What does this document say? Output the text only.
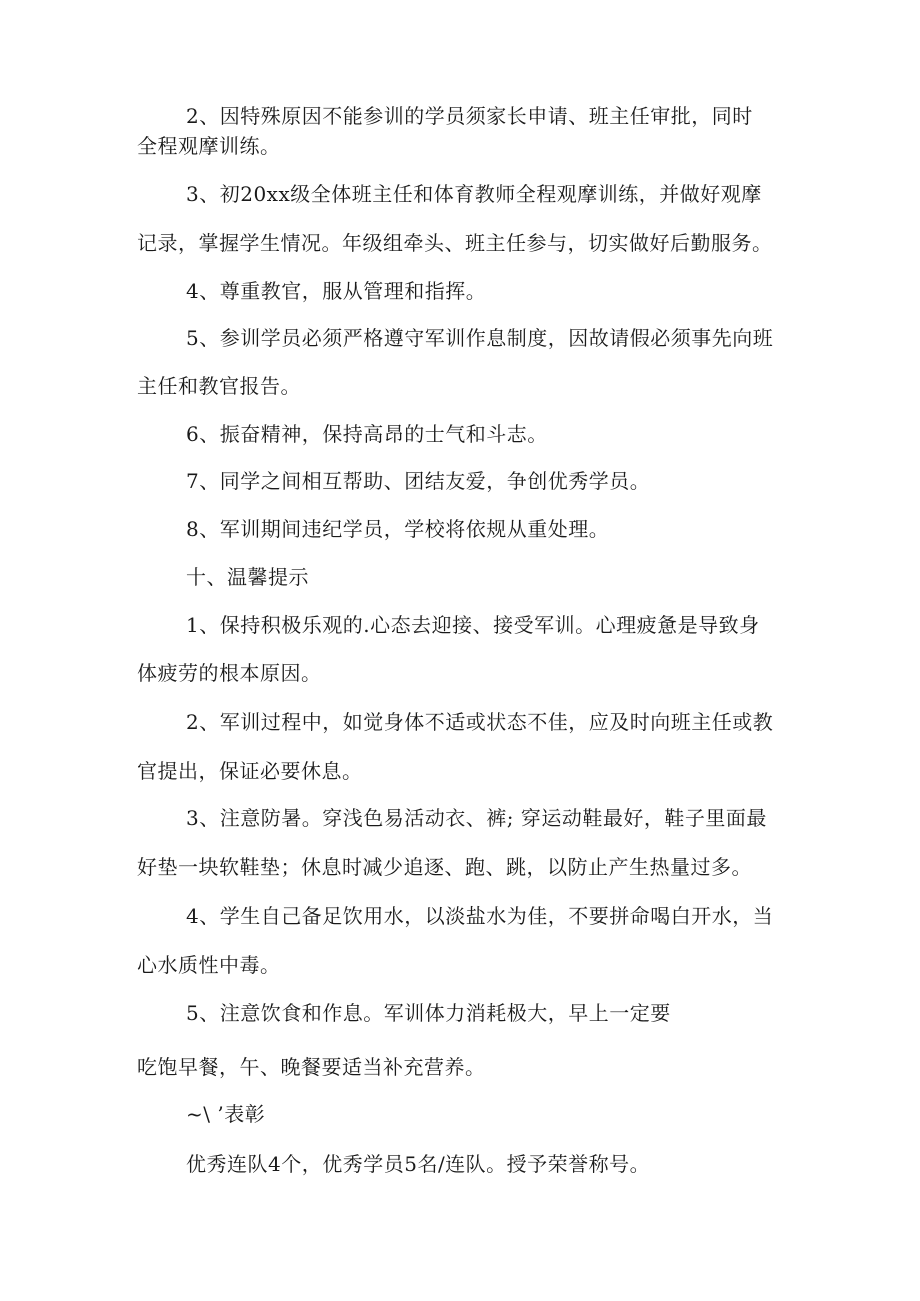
2、因特殊原因不能参训的学员须家长申请、班主任审批，同时
全程观摩训练。
3、初20xx级全体班主任和体育教师全程观摩训练，并做好观摩
记录，掌握学生情况。年级组牵头、班主任参与，切实做好后勤服务。
4、尊重教官，服从管理和指挥。
5、参训学员必须严格遵守军训作息制度，因故请假必须事先向班
主任和教官报告。
6、振奋精神，保持高昂的士气和斗志。
7、同学之间相互帮助、团结友爱，争创优秀学员。
8、军训期间违纪学员，学校将依规从重处理。
十、温馨提示
1、保持积极乐观的.心态去迎接、接受军训。心理疲惫是导致身
体疲劳的根本原因。
2、军训过程中，如觉身体不适或状态不佳，应及时向班主任或教
官提出，保证必要休息。
3、注意防暑。穿浅色易活动衣、裤; 穿运动鞋最好，鞋子里面最
好垫一块软鞋垫；休息时减少追逐、跑、跳，以防止产生热量过多。
4、学生自己备足饮用水，以淡盐水为佳，不要拼命喝白开水，当
心水质性中毒。
5、注意饮食和作息。军训体力消耗极大，早上一定要
吃饱早餐，午、晚餐要适当补充营养。
~\ ’表彰
优秀连队4个，优秀学员5名/连队。授予荣誉称号。
